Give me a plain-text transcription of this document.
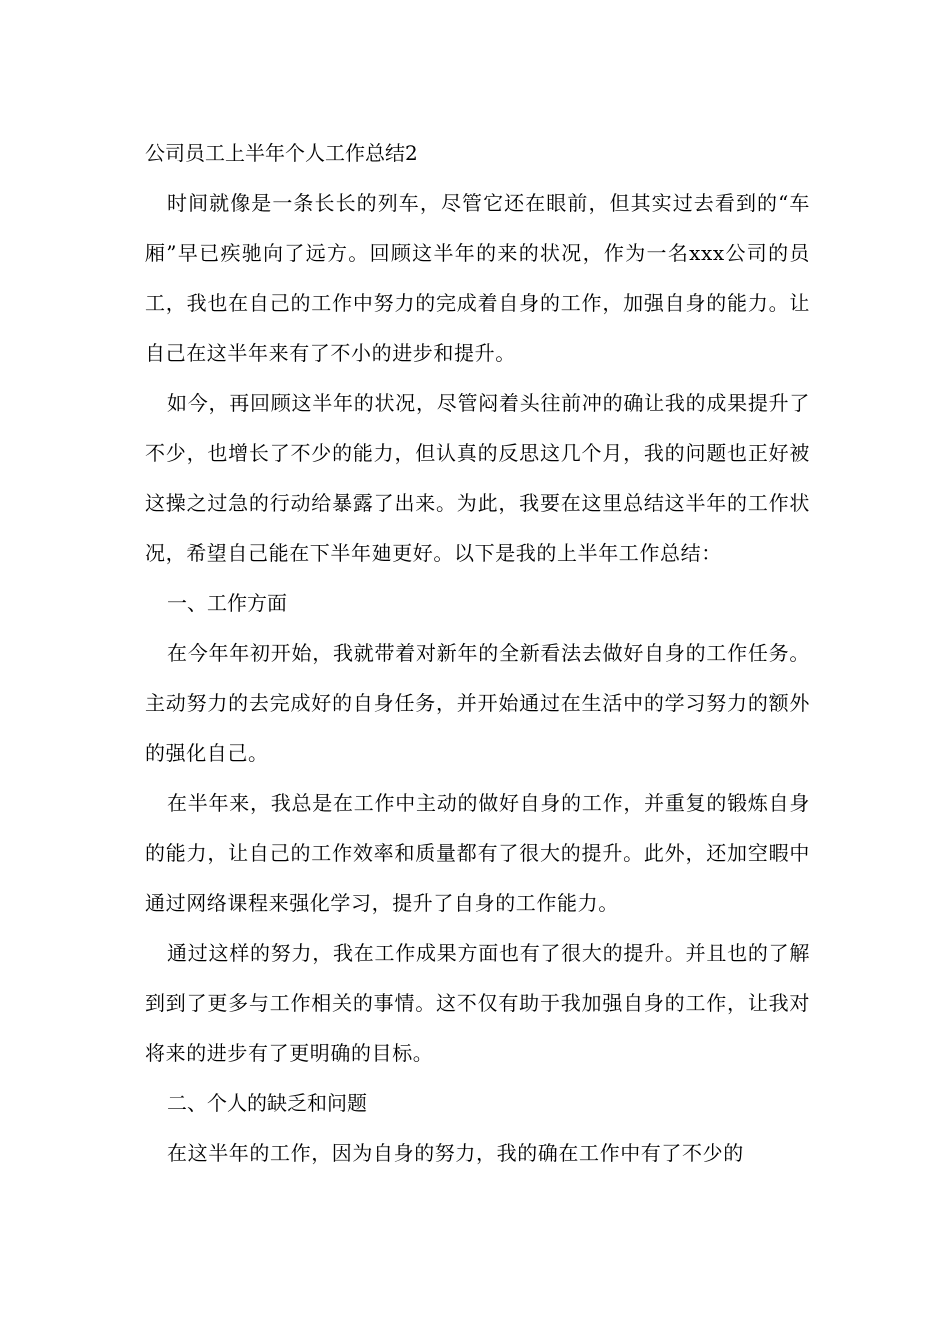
公司员工上半年个人工作总结2

时间就像是一条长长的列车，尽管它还在眼前，但其实过去看到的“车厢”早已疾驰向了远方。回顾这半年的来的状况，作为一名xxx公司的员工，我也在自己的工作中努力的完成着自身的工作，加强自身的能力。让自己在这半年来有了不小的进步和提升。

如今，再回顾这半年的状况，尽管闷着头往前冲的确让我的成果提升了不少，也增长了不少的能力，但认真的反思这几个月，我的问题也正好被这操之过急的行动给暴露了出来。为此，我要在这里总结这半年的工作状况，希望自己能在下半年廸更好。以下是我的上半年工作总结：

一、工作方面

在今年年初开始，我就带着对新年的全新看法去做好自身的工作任务。主动努力的去完成好的自身任务，并开始通过在生活中的学习努力的额外的强化自己。

在半年来，我总是在工作中主动的做好自身的工作，并重复的锻炼自身的能力，让自己的工作效率和质量都有了很大的提升。此外，还加空暇中通过网络课程来强化学习，提升了自身的工作能力。

通过这样的努力，我在工作成果方面也有了很大的提升。并且也的了解到到了更多与工作相关的事情。这不仅有助于我加强自身的工作，让我对将来的进步有了更明确的目标。

二、个人的缺乏和问题

在这半年的工作，因为自身的努力，我的确在工作中有了不少的
